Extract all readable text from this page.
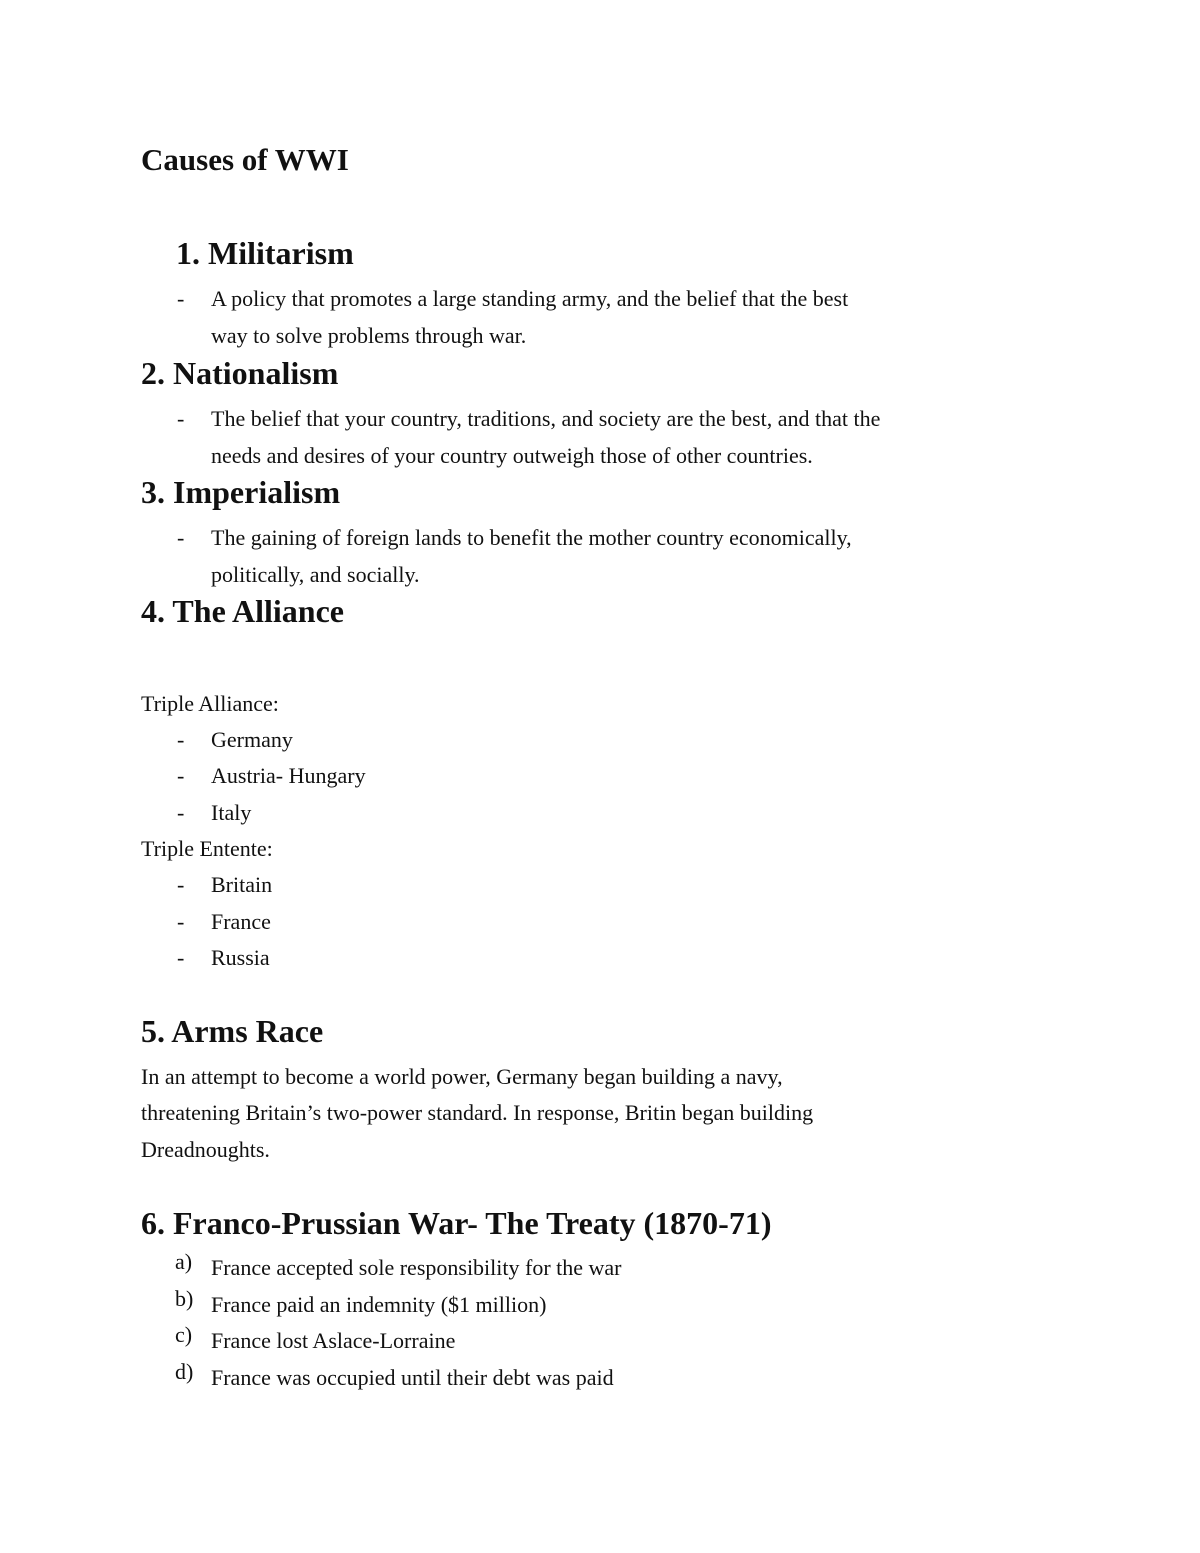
Causes of WWI
1. Militarism
- A policy that promotes a large standing army, and the belief that the best
way to solve problems through war.
2. Nationalism
- The belief that your country, traditions, and society are the best, and that the
needs and desires of your country outweigh those of other countries.
3. Imperialism
- The gaining of foreign lands to benefit the mother country economically,
politically, and socially.
4. The Alliance
Triple Alliance:
- Germany
- Austria- Hungary
- Italy
Triple Entente:
- Britain
- France
- Russia
5. Arms Race
In an attempt to become a world power, Germany began building a navy,
threatening Britain’s two-power standard. In response, Britin began building
Dreadnoughts.
6. Franco-Prussian War- The Treaty (1870-71)
a) France accepted sole responsibility for the war
b) France paid an indemnity ($1 million)
c) France lost Aslace-Lorraine
d) France was occupied until their debt was paid
